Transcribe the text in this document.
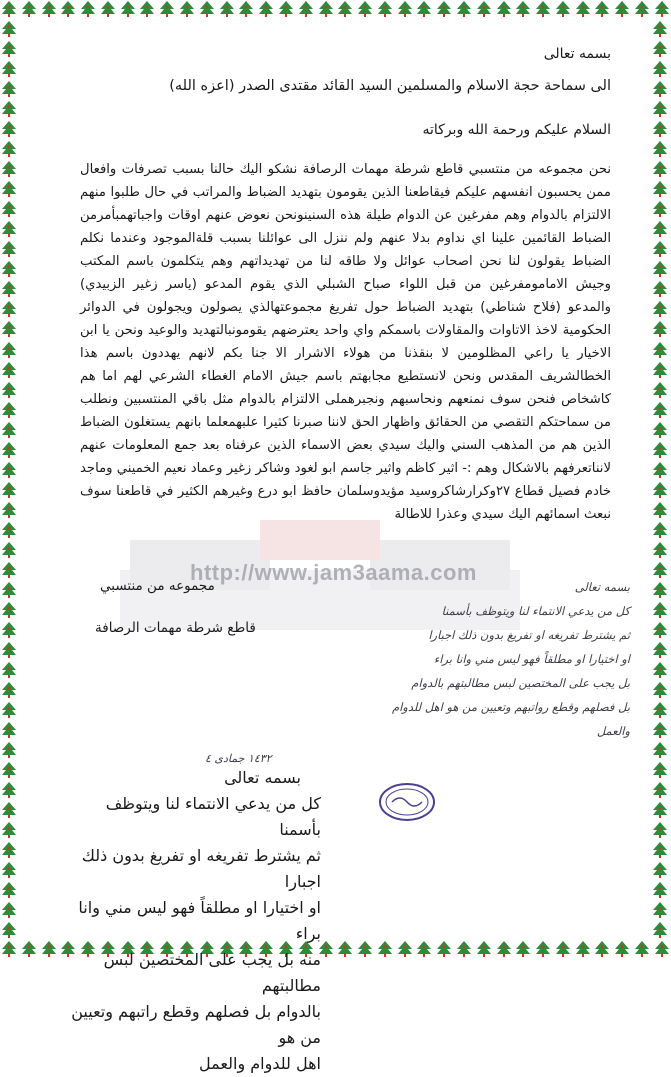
http://www.jam3aama.com
بسمه تعالى
الى سماحة حجة الاسلام والمسلمين السيد القائد مقتدى الصدر (اعزه الله)
السلام عليكم ورحمة الله وبركاته
نحن مجموعه من منتسبي قاطع شرطة مهمات الرصافة نشكو اليك حالنا بسبب تصرفات وافعال ممن يحسبون انفسهم عليكم فيقاطعنا الذين يقومون بتهديد الضباط والمراتب في حال طلبوا منهم الالتزام بالدوام وهم مفرغين عن الدوام طيلة هذه السنينونحن نعوض عنهم اوقات واجباتهمبأمرمن الضباط القائمين علينا اي نداوم بدلا عنهم ولم ننزل الى عوائلنا بسبب قلةالموجود وعندما نكلم الضباط يقولون لنا نحن اصحاب عوائل ولا طاقه لنا من تهديداتهم وهم يتكلمون باسم المكتب وجيش الامامومفرغين من قبل اللواء صباح الشبلي الذي يقوم المدعو (ياسر زغير الزبيدي) والمدعو (فلاح شناطي) بتهديد الضباط حول تفريغ مجموعتهالذي يصولون ويجولون في الدوائر الحكومية لاخذ الاتاوات والمقاولات باسمكم واي واحد يعترضهم يقومونبالتهديد والوعيد ونحن يا ابن الاخيار يا راعي المظلومين لا بنقذنا من هولاء الاشرار الا جنا بكم لانهم يهددون باسم هذا الخطالشريف المقدس ونحن لانستطيع مجابهتم باسم جيش الامام الغطاء الشرعي لهم اما هم كاشخاص فنحن سوف نمنعهم ونحاسبهم ونجبرهملى الالتزام بالدوام مثل باقي المنتسبين ونطلب من سماحتكم التقصي من الحقائق واظهار الحق لاننا صبرنا كثيرا علبهمعلما بانهم يستغلون الضباط الذين هم من المذهب السني واليك سيدي بعض الاسماء الذين عرفناه بعد جمع المعلومات عنهم لانناتعرفهم بالاشكال وهم :- اثير كاظم واثير جاسم ابو لغود وشاكر زغير وعماد نعيم الخميني وماجد خادم فصيل قطاع ٢٧وكرارشاكروسيد مؤيدوسلمان حافظ ابو درع وغيرهم الكثير في قاطعنا سوف نبعث اسمائهم اليك سيدي وعذرا للاطالة
مجموعه من منتسبي
قاطع شرطة مهمات الرصافة
بسمه تعالى
كل من يدعي الانتماء لنا ويتوظف بأسمنا
ثم يشترط تفريغه او تفريغ بدون ذلك اجبارا
او اختيارا او مطلقاً فهو ليس مني وانا براء
بل يجب على المختصين لبس مطالبتهم بالدوام
بل فصلهم وقطع رواتبهم وتعيين من هو اهل للدوام
والعمل
١٤٣٢ جمادى ٤
بسمه تعالى
كل من يدعي الانتماء لنا ويتوظف بأسمنا
ثم يشترط تفريغه او تفريغ بدون ذلك اجبارا
او اختيارا او مطلقاً فهو ليس مني وانا براء
منه بل يجب على المختصين لبس مطالبتهم
بالدوام بل فصلهم وقطع راتبهم وتعيين من هو
اهل للدوام والعمل
